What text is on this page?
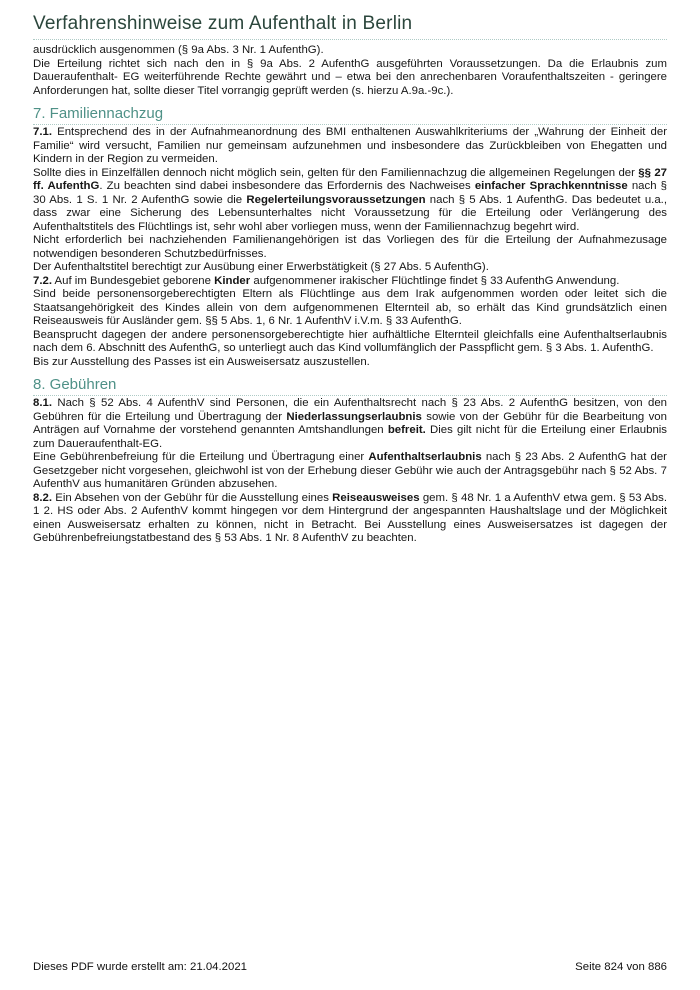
Verfahrenshinweise zum Aufenthalt in Berlin

ausdrücklich ausgenommen (§ 9a Abs. 3 Nr. 1 AufenthG).

Die Erteilung richtet sich nach den in § 9a Abs. 2 AufenthG ausgeführten Voraussetzungen. Da die Erlaubnis zum Daueraufenthalt- EG weiterführende Rechte gewährt und – etwa bei den anrechenbaren Voraufenthaltszeiten - geringere Anforderungen hat, sollte dieser Titel vorrangig geprüft werden (s. hierzu A.9a.-9c.).

7. Familiennachzug

7.1. Entsprechend des in der Aufnahmeanordnung des BMI enthaltenen Auswahlkriteriums der „Wahrung der Einheit der Familie“ wird versucht, Familien nur gemeinsam aufzunehmen und insbesondere das Zurückbleiben von Ehegatten und Kindern in der Region zu vermeiden.

Sollte dies in Einzelfällen dennoch nicht möglich sein, gelten für den Familiennachzug die allgemeinen Regelungen der §§ 27 ff. AufenthG. Zu beachten sind dabei insbesondere das Erfordernis des Nachweises einfacher Sprachkenntnisse nach § 30 Abs. 1 S. 1 Nr. 2 AufenthG sowie die Regelerteilungsvoraussetzungen nach § 5 Abs. 1 AufenthG. Das bedeutet u.a., dass zwar eine Sicherung des Lebensunterhaltes nicht Voraussetzung für die Erteilung oder Verlängerung des Aufenthaltstitels des Flüchtlings ist, sehr wohl aber vorliegen muss, wenn der Familiennachzug begehrt wird.

Nicht erforderlich bei nachziehenden Familienangehörigen ist das Vorliegen des für die Erteilung der Aufnahmezusage notwendigen besonderen Schutzbedürfnisses.

Der Aufenthaltstitel berechtigt zur Ausübung einer Erwerbstätigkeit (§ 27 Abs. 5 AufenthG).

7.2. Auf im Bundesgebiet geborene Kinder aufgenommener irakischer Flüchtlinge findet § 33 AufenthG Anwendung.

Sind beide personensorgeberechtigten Eltern als Flüchtlinge aus dem Irak aufgenommen worden oder leitet sich die Staatsangehörigkeit des Kindes allein von dem aufgenommenen Elternteil ab, so erhält das Kind grundsätzlich einen Reiseausweis für Ausländer gem. §§ 5 Abs. 1, 6 Nr. 1 AufenthV i.V.m. § 33 AufenthG.

Beansprucht dagegen der andere personensorgeberechtigte hier aufhältliche Elternteil gleichfalls eine Aufenthaltserlaubnis nach dem 6. Abschnitt des AufenthG, so unterliegt auch das Kind vollumfänglich der Passpflicht gem. § 3 Abs. 1. AufenthG.

Bis zur Ausstellung des Passes ist ein Ausweisersatz auszustellen.

8. Gebühren

8.1. Nach § 52 Abs. 4 AufenthV sind Personen, die ein Aufenthaltsrecht nach § 23 Abs. 2 AufenthG besitzen, von den Gebühren für die Erteilung und Übertragung der Niederlassungserlaubnis sowie von der Gebühr für die Bearbeitung von Anträgen auf Vornahme der vorstehend genannten Amtshandlungen befreit. Dies gilt nicht für die Erteilung einer Erlaubnis zum Daueraufenthalt-EG.

Eine Gebührenbefreiung für die Erteilung und Übertragung einer Aufenthaltserlaubnis nach § 23 Abs. 2 AufenthG hat der Gesetzgeber nicht vorgesehen, gleichwohl ist von der Erhebung dieser Gebühr wie auch der Antragsgebühr nach § 52 Abs. 7 AufenthV aus humanitären Gründen abzusehen.

8.2. Ein Absehen von der Gebühr für die Ausstellung eines Reiseausweises gem. § 48 Nr. 1 a AufenthV etwa gem. § 53 Abs. 1 2. HS oder Abs. 2 AufenthV kommt hingegen vor dem Hintergrund der angespannten Haushaltslage und der Möglichkeit einen Ausweisersatz erhalten zu können, nicht in Betracht. Bei Ausstellung eines Ausweisersatzes ist dagegen der Gebührenbefreiungstatbestand des § 53 Abs. 1 Nr. 8 AufenthV zu beachten.

Dieses PDF wurde erstellt am: 21.04.2021	Seite 824 von 886
